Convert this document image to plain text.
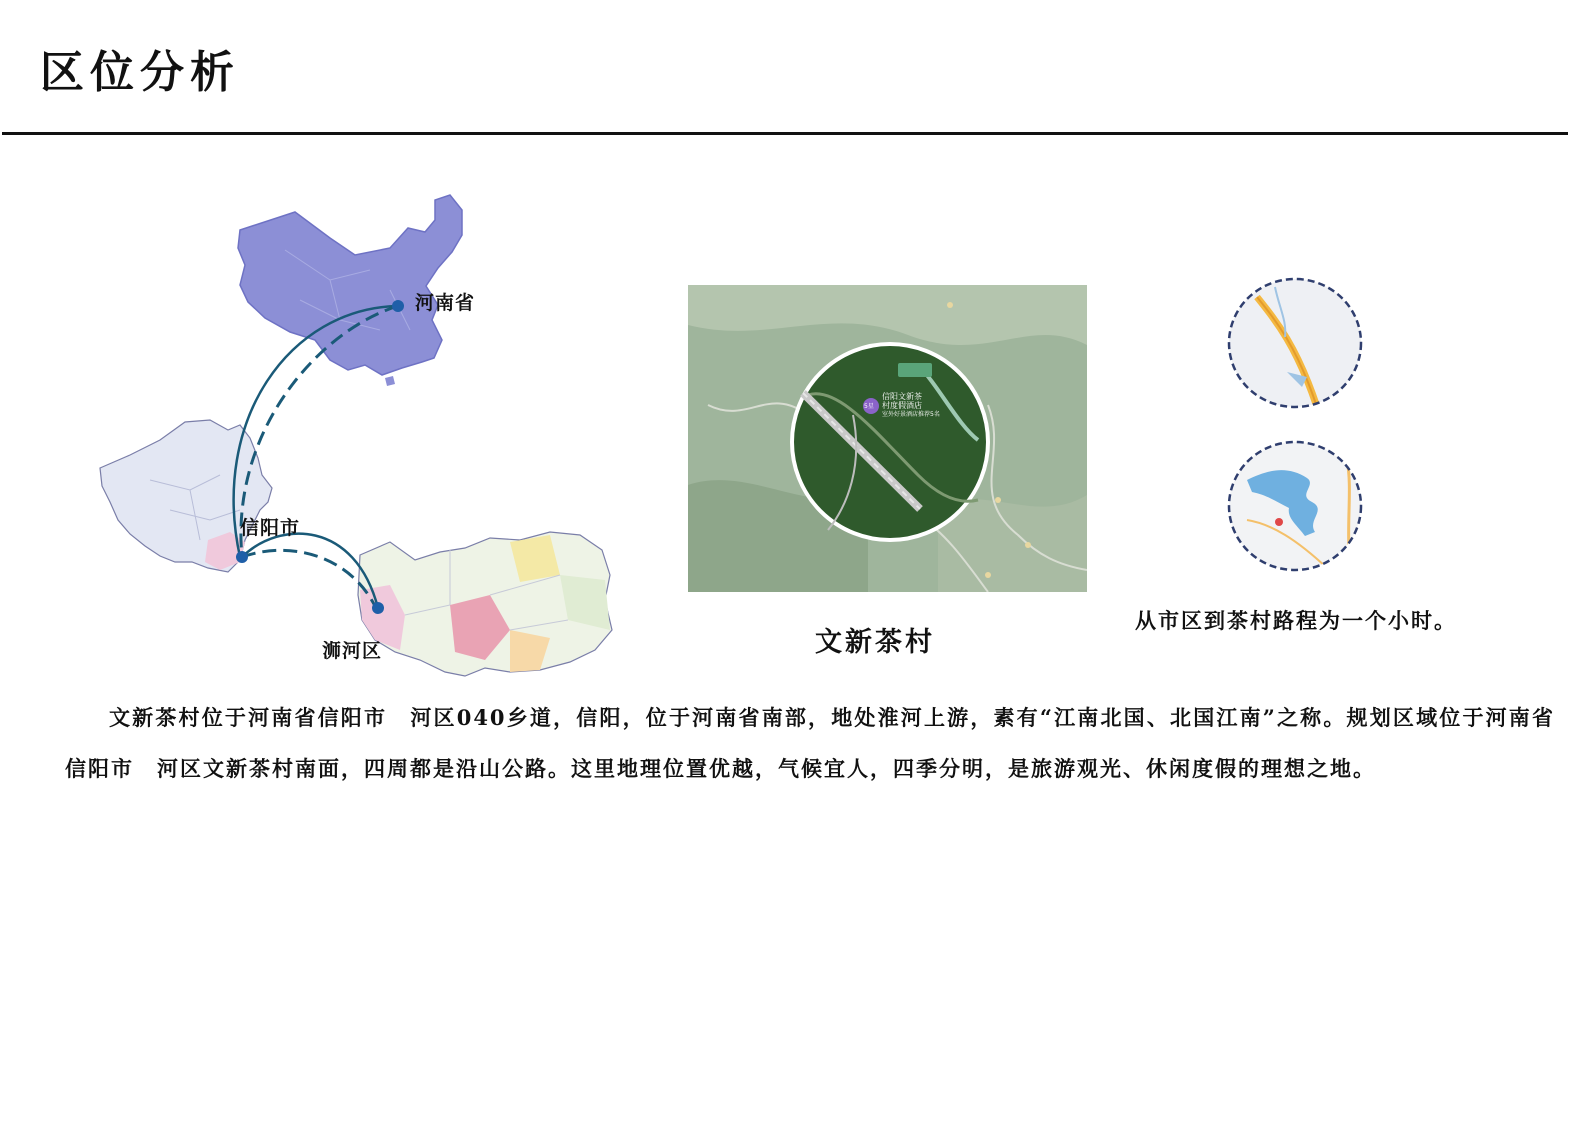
区位分析
河南省
信阳市
浉河区
信阳文新茶
村度假酒店
室外好景酒店推荐5名
5星
文新茶村
从市区到茶村路程为一个小时。
文新茶村位于河南省信阳市　河区040乡道，信阳，位于河南省南部，地处淮河上游，素有“江南北国、北国江南”之称。规划区域位于河南省信阳市　河区文新茶村南面，四周都是沿山公路。这里地理位置优越，气候宜人，四季分明，是旅游观光、休闲度假的理想之地。
